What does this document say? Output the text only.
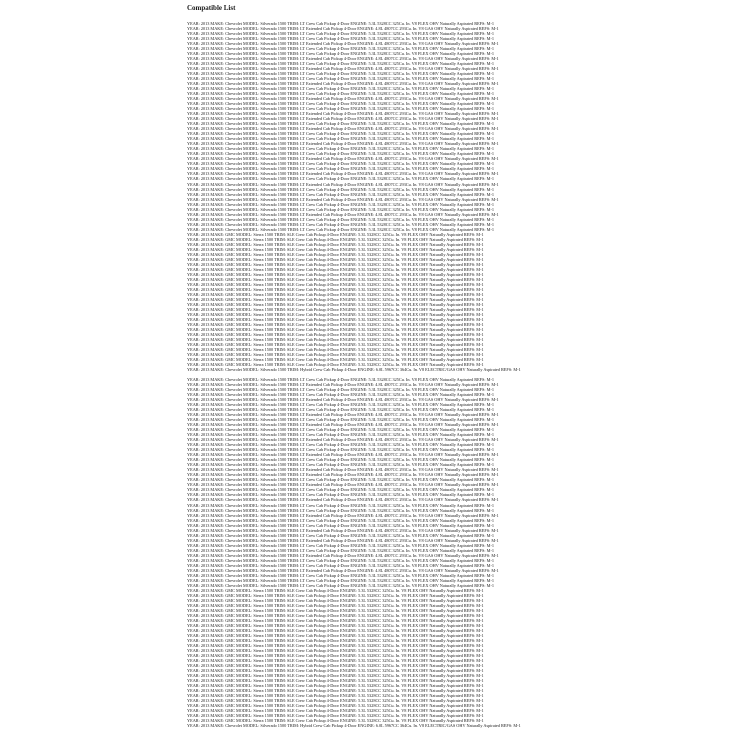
Compatible List
YEAR: 2013 MAKE: Chevrolet MODEL: Silverado 1500 TRIM: LT Crew Cab Pickup 4-Door ENGINE: 5.3L 5328CC 325Cu. In. V8 FLEX OHV Naturally Aspirated REFS: M-1
YEAR: 2013 MAKE: Chevrolet MODEL: Silverado 1500 TRIM: LT Extended Cab Pickup 4-Door ENGINE: 4.8L 4807CC 293Cu. In. V8 GAS OHV Naturally Aspirated REFS: M-1
YEAR: 2013 MAKE: Chevrolet MODEL: Silverado 1500 TRIM: LT Crew Cab Pickup 4-Door ENGINE: 5.3L 5328CC 325Cu. In. V8 FLEX OHV Naturally Aspirated REFS: M-1
YEAR: 2013 MAKE: Chevrolet MODEL: Silverado 1500 TRIM: LT Crew Cab Pickup 4-Door ENGINE: 5.3L 5328CC 325Cu. In. V8 FLEX OHV Naturally Aspirated REFS: M-1
YEAR: 2013 MAKE: Chevrolet MODEL: Silverado 1500 TRIM: LT Extended Cab Pickup 4-Door ENGINE: 4.8L 4807CC 293Cu. In. V8 GAS OHV Naturally Aspirated REFS: M-1
YEAR: 2013 MAKE: Chevrolet MODEL: Silverado 1500 TRIM: LT Crew Cab Pickup 4-Door ENGINE: 5.3L 5328CC 325Cu. In. V8 FLEX OHV Naturally Aspirated REFS: M-1
YEAR: 2013 MAKE: Chevrolet MODEL: Silverado 1500 TRIM: LT Crew Cab Pickup 4-Door ENGINE: 5.3L 5328CC 325Cu. In. V8 FLEX OHV Naturally Aspirated REFS: M-1
YEAR: 2013 MAKE: Chevrolet MODEL: Silverado 1500 TRIM: LT Extended Cab Pickup 4-Door ENGINE: 4.8L 4807CC 293Cu. In. V8 GAS OHV Naturally Aspirated REFS: M-1
YEAR: 2013 MAKE: Chevrolet MODEL: Silverado 1500 TRIM: LT Crew Cab Pickup 4-Door ENGINE: 5.3L 5328CC 325Cu. In. V8 FLEX OHV Naturally Aspirated REFS: M-1
YEAR: 2013 MAKE: Chevrolet MODEL: Silverado 1500 TRIM: LT Extended Cab Pickup 4-Door ENGINE: 4.8L 4807CC 293Cu. In. V8 GAS OHV Naturally Aspirated REFS: M-1
YEAR: 2013 MAKE: Chevrolet MODEL: Silverado 1500 TRIM: LT Crew Cab Pickup 4-Door ENGINE: 5.3L 5328CC 325Cu. In. V8 FLEX OHV Naturally Aspirated REFS: M-1
YEAR: 2013 MAKE: Chevrolet MODEL: Silverado 1500 TRIM: LT Crew Cab Pickup 4-Door ENGINE: 5.3L 5328CC 325Cu. In. V8 FLEX OHV Naturally Aspirated REFS: M-1
YEAR: 2013 MAKE: Chevrolet MODEL: Silverado 1500 TRIM: LT Extended Cab Pickup 4-Door ENGINE: 4.8L 4807CC 293Cu. In. V8 GAS OHV Naturally Aspirated REFS: M-1
YEAR: 2013 MAKE: Chevrolet MODEL: Silverado 1500 TRIM: LT Crew Cab Pickup 4-Door ENGINE: 5.3L 5328CC 325Cu. In. V8 FLEX OHV Naturally Aspirated REFS: M-1
YEAR: 2013 MAKE: Chevrolet MODEL: Silverado 1500 TRIM: LT Crew Cab Pickup 4-Door ENGINE: 5.3L 5328CC 325Cu. In. V8 FLEX OHV Naturally Aspirated REFS: M-1
YEAR: 2013 MAKE: Chevrolet MODEL: Silverado 1500 TRIM: LT Extended Cab Pickup 4-Door ENGINE: 4.8L 4807CC 293Cu. In. V8 GAS OHV Naturally Aspirated REFS: M-1
YEAR: 2013 MAKE: Chevrolet MODEL: Silverado 1500 TRIM: LT Crew Cab Pickup 4-Door ENGINE: 5.3L 5328CC 325Cu. In. V8 FLEX OHV Naturally Aspirated REFS: M-1
YEAR: 2013 MAKE: Chevrolet MODEL: Silverado 1500 TRIM: LT Crew Cab Pickup 4-Door ENGINE: 5.3L 5328CC 325Cu. In. V8 FLEX OHV Naturally Aspirated REFS: M-1
YEAR: 2013 MAKE: Chevrolet MODEL: Silverado 1500 TRIM: LT Extended Cab Pickup 4-Door ENGINE: 4.8L 4807CC 293Cu. In. V8 GAS OHV Naturally Aspirated REFS: M-1
YEAR: 2013 MAKE: Chevrolet MODEL: Silverado 1500 TRIM: LT Extended Cab Pickup 4-Door ENGINE: 4.8L 4807CC 293Cu. In. V8 GAS OHV Naturally Aspirated REFS: M-1
YEAR: 2013 MAKE: Chevrolet MODEL: Silverado 1500 TRIM: LT Crew Cab Pickup 4-Door ENGINE: 5.3L 5328CC 325Cu. In. V8 FLEX OHV Naturally Aspirated REFS: M-1
YEAR: 2013 MAKE: Chevrolet MODEL: Silverado 1500 TRIM: LT Extended Cab Pickup 4-Door ENGINE: 4.8L 4807CC 293Cu. In. V8 GAS OHV Naturally Aspirated REFS: M-1
YEAR: 2013 MAKE: Chevrolet MODEL: Silverado 1500 TRIM: LT Crew Cab Pickup 4-Door ENGINE: 5.3L 5328CC 325Cu. In. V8 FLEX OHV Naturally Aspirated REFS: M-1
YEAR: 2013 MAKE: Chevrolet MODEL: Silverado 1500 TRIM: LT Crew Cab Pickup 4-Door ENGINE: 5.3L 5328CC 325Cu. In. V8 FLEX OHV Naturally Aspirated REFS: M-1
YEAR: 2013 MAKE: Chevrolet MODEL: Silverado 1500 TRIM: LT Extended Cab Pickup 4-Door ENGINE: 4.8L 4807CC 293Cu. In. V8 GAS OHV Naturally Aspirated REFS: M-1
YEAR: 2013 MAKE: Chevrolet MODEL: Silverado 1500 TRIM: LT Crew Cab Pickup 4-Door ENGINE: 5.3L 5328CC 325Cu. In. V8 FLEX OHV Naturally Aspirated REFS: M-1
YEAR: 2013 MAKE: Chevrolet MODEL: Silverado 1500 TRIM: LT Crew Cab Pickup 4-Door ENGINE: 5.3L 5328CC 325Cu. In. V8 FLEX OHV Naturally Aspirated REFS: M-1
YEAR: 2013 MAKE: Chevrolet MODEL: Silverado 1500 TRIM: LT Extended Cab Pickup 4-Door ENGINE: 4.8L 4807CC 293Cu. In. V8 GAS OHV Naturally Aspirated REFS: M-1
YEAR: 2013 MAKE: Chevrolet MODEL: Silverado 1500 TRIM: LT Crew Cab Pickup 4-Door ENGINE: 5.3L 5328CC 325Cu. In. V8 FLEX OHV Naturally Aspirated REFS: M-1
YEAR: 2013 MAKE: Chevrolet MODEL: Silverado 1500 TRIM: LT Crew Cab Pickup 4-Door ENGINE: 5.3L 5328CC 325Cu. In. V8 FLEX OHV Naturally Aspirated REFS: M-1
YEAR: 2013 MAKE: Chevrolet MODEL: Silverado 1500 TRIM: LT Extended Cab Pickup 4-Door ENGINE: 4.8L 4807CC 293Cu. In. V8 GAS OHV Naturally Aspirated REFS: M-1
YEAR: 2013 MAKE: Chevrolet MODEL: Silverado 1500 TRIM: LT Crew Cab Pickup 4-Door ENGINE: 5.3L 5328CC 325Cu. In. V8 FLEX OHV Naturally Aspirated REFS: M-1
YEAR: 2013 MAKE: Chevrolet MODEL: Silverado 1500 TRIM: LT Extended Cab Pickup 4-Door ENGINE: 4.8L 4807CC 293Cu. In. V8 GAS OHV Naturally Aspirated REFS: M-1
YEAR: 2013 MAKE: Chevrolet MODEL: Silverado 1500 TRIM: LT Crew Cab Pickup 4-Door ENGINE: 5.3L 5328CC 325Cu. In. V8 FLEX OHV Naturally Aspirated REFS: M-1
YEAR: 2013 MAKE: Chevrolet MODEL: Silverado 1500 TRIM: LT Crew Cab Pickup 4-Door ENGINE: 5.3L 5328CC 325Cu. In. V8 FLEX OHV Naturally Aspirated REFS: M-1
YEAR: 2013 MAKE: Chevrolet MODEL: Silverado 1500 TRIM: LT Extended Cab Pickup 4-Door ENGINE: 4.8L 4807CC 293Cu. In. V8 GAS OHV Naturally Aspirated REFS: M-1
YEAR: 2013 MAKE: Chevrolet MODEL: Silverado 1500 TRIM: LT Crew Cab Pickup 4-Door ENGINE: 5.3L 5328CC 325Cu. In. V8 FLEX OHV Naturally Aspirated REFS: M-1
YEAR: 2013 MAKE: Chevrolet MODEL: Silverado 1500 TRIM: LT Crew Cab Pickup 4-Door ENGINE: 5.3L 5328CC 325Cu. In. V8 FLEX OHV Naturally Aspirated REFS: M-1
YEAR: 2013 MAKE: Chevrolet MODEL: Silverado 1500 TRIM: LT Extended Cab Pickup 4-Door ENGINE: 4.8L 4807CC 293Cu. In. V8 GAS OHV Naturally Aspirated REFS: M-1
YEAR: 2013 MAKE: Chevrolet MODEL: Silverado 1500 TRIM: LT Crew Cab Pickup 4-Door ENGINE: 5.3L 5328CC 325Cu. In. V8 FLEX OHV Naturally Aspirated REFS: M-1
YEAR: 2013 MAKE: Chevrolet MODEL: Silverado 1500 TRIM: LT Crew Cab Pickup 4-Door ENGINE: 5.3L 5328CC 325Cu. In. V8 FLEX OHV Naturally Aspirated REFS: M-1
YEAR: 2013 MAKE: Chevrolet MODEL: Silverado 1500 TRIM: LT Crew Cab Pickup 4-Door ENGINE: 5.3L 5328CC 325Cu. In. V8 FLEX OHV Naturally Aspirated REFS: M-1
YEAR: 2013 MAKE: GMC MODEL: Sierra 1500 TRIM: SLE Crew Cab Pickup 4-Door ENGINE: 5.3L 5328CC 325Cu. In. V8 FLEX OHV Naturally Aspirated REFS: M-1
YEAR: 2013 MAKE: GMC MODEL: Sierra 1500 TRIM: SLE Crew Cab Pickup 4-Door ENGINE: 5.3L 5328CC 325Cu. In. V8 FLEX OHV Naturally Aspirated REFS: M-1
YEAR: 2013 MAKE: GMC MODEL: Sierra 1500 TRIM: SLE Crew Cab Pickup 4-Door ENGINE: 5.3L 5328CC 325Cu. In. V8 FLEX OHV Naturally Aspirated REFS: M-1
YEAR: 2013 MAKE: GMC MODEL: Sierra 1500 TRIM: SLE Crew Cab Pickup 4-Door ENGINE: 5.3L 5328CC 325Cu. In. V8 FLEX OHV Naturally Aspirated REFS: M-1
YEAR: 2013 MAKE: GMC MODEL: Sierra 1500 TRIM: SLE Crew Cab Pickup 4-Door ENGINE: 5.3L 5328CC 325Cu. In. V8 FLEX OHV Naturally Aspirated REFS: M-1
YEAR: 2013 MAKE: GMC MODEL: Sierra 1500 TRIM: SLE Crew Cab Pickup 4-Door ENGINE: 5.3L 5328CC 325Cu. In. V8 FLEX OHV Naturally Aspirated REFS: M-1
YEAR: 2013 MAKE: GMC MODEL: Sierra 1500 TRIM: SLE Crew Cab Pickup 4-Door ENGINE: 5.3L 5328CC 325Cu. In. V8 FLEX OHV Naturally Aspirated REFS: M-1
YEAR: 2013 MAKE: GMC MODEL: Sierra 1500 TRIM: SLE Crew Cab Pickup 4-Door ENGINE: 5.3L 5328CC 325Cu. In. V8 FLEX OHV Naturally Aspirated REFS: M-1
YEAR: 2013 MAKE: GMC MODEL: Sierra 1500 TRIM: SLE Crew Cab Pickup 4-Door ENGINE: 5.3L 5328CC 325Cu. In. V8 FLEX OHV Naturally Aspirated REFS: M-1
YEAR: 2013 MAKE: GMC MODEL: Sierra 1500 TRIM: SLE Crew Cab Pickup 4-Door ENGINE: 5.3L 5328CC 325Cu. In. V8 FLEX OHV Naturally Aspirated REFS: M-1
YEAR: 2013 MAKE: GMC MODEL: Sierra 1500 TRIM: SLE Crew Cab Pickup 4-Door ENGINE: 5.3L 5328CC 325Cu. In. V8 FLEX OHV Naturally Aspirated REFS: M-1
YEAR: 2013 MAKE: GMC MODEL: Sierra 1500 TRIM: SLE Crew Cab Pickup 4-Door ENGINE: 5.3L 5328CC 325Cu. In. V8 FLEX OHV Naturally Aspirated REFS: M-1
YEAR: 2013 MAKE: GMC MODEL: Sierra 1500 TRIM: SLE Crew Cab Pickup 4-Door ENGINE: 5.3L 5328CC 325Cu. In. V8 FLEX OHV Naturally Aspirated REFS: M-1
YEAR: 2013 MAKE: GMC MODEL: Sierra 1500 TRIM: SLE Crew Cab Pickup 4-Door ENGINE: 5.3L 5328CC 325Cu. In. V8 FLEX OHV Naturally Aspirated REFS: M-1
YEAR: 2013 MAKE: GMC MODEL: Sierra 1500 TRIM: SLE Crew Cab Pickup 4-Door ENGINE: 5.3L 5328CC 325Cu. In. V8 FLEX OHV Naturally Aspirated REFS: M-1
YEAR: 2013 MAKE: GMC MODEL: Sierra 1500 TRIM: SLE Crew Cab Pickup 4-Door ENGINE: 5.3L 5328CC 325Cu. In. V8 FLEX OHV Naturally Aspirated REFS: M-1
YEAR: 2013 MAKE: GMC MODEL: Sierra 1500 TRIM: SLE Crew Cab Pickup 4-Door ENGINE: 5.3L 5328CC 325Cu. In. V8 FLEX OHV Naturally Aspirated REFS: M-1
YEAR: 2013 MAKE: GMC MODEL: Sierra 1500 TRIM: SLE Crew Cab Pickup 4-Door ENGINE: 5.3L 5328CC 325Cu. In. V8 FLEX OHV Naturally Aspirated REFS: M-1
YEAR: 2013 MAKE: GMC MODEL: Sierra 1500 TRIM: SLE Crew Cab Pickup 4-Door ENGINE: 5.3L 5328CC 325Cu. In. V8 FLEX OHV Naturally Aspirated REFS: M-1
YEAR: 2013 MAKE: GMC MODEL: Sierra 1500 TRIM: SLE Crew Cab Pickup 4-Door ENGINE: 5.3L 5328CC 325Cu. In. V8 FLEX OHV Naturally Aspirated REFS: M-1
YEAR: 2013 MAKE: GMC MODEL: Sierra 1500 TRIM: SLE Crew Cab Pickup 4-Door ENGINE: 5.3L 5328CC 325Cu. In. V8 FLEX OHV Naturally Aspirated REFS: M-1
YEAR: 2013 MAKE: GMC MODEL: Sierra 1500 TRIM: SLE Crew Cab Pickup 4-Door ENGINE: 5.3L 5328CC 325Cu. In. V8 FLEX OHV Naturally Aspirated REFS: M-1
YEAR: 2013 MAKE: GMC MODEL: Sierra 1500 TRIM: SLE Crew Cab Pickup 4-Door ENGINE: 5.3L 5328CC 325Cu. In. V8 FLEX OHV Naturally Aspirated REFS: M-1
YEAR: 2013 MAKE: GMC MODEL: Sierra 1500 TRIM: SLE Crew Cab Pickup 4-Door ENGINE: 5.3L 5328CC 325Cu. In. V8 FLEX OHV Naturally Aspirated REFS: M-1
YEAR: 2013 MAKE: GMC MODEL: Sierra 1500 TRIM: SLE Crew Cab Pickup 4-Door ENGINE: 5.3L 5328CC 325Cu. In. V8 FLEX OHV Naturally Aspirated REFS: M-1
YEAR: 2013 MAKE: GMC MODEL: Sierra 1500 TRIM: SLE Crew Cab Pickup 4-Door ENGINE: 5.3L 5328CC 325Cu. In. V8 FLEX OHV Naturally Aspirated REFS: M-1
YEAR: 2013 MAKE: GMC MODEL: Sierra 1500 TRIM: SLE Crew Cab Pickup 4-Door ENGINE: 5.3L 5328CC 325Cu. In. V8 FLEX OHV Naturally Aspirated REFS: M-1
YEAR: 2013 MAKE: Chevrolet MODEL: Silverado 1500 TRIM: Hybrid Crew Cab Pickup 4-Door ENGINE: 6.0L 5967CC 364Cu. In. V8 ELECTRIC/GAS OHV Naturally Aspirated REFS: M-1
YEAR: 2013 MAKE: Chevrolet MODEL: Silverado 1500 TRIM: LT Crew Cab Pickup 4-Door ENGINE: 5.3L 5328CC 325Cu. In. V8 FLEX OHV Naturally Aspirated REFS: M-1
YEAR: 2013 MAKE: Chevrolet MODEL: Silverado 1500 TRIM: LT Extended Cab Pickup 4-Door ENGINE: 4.8L 4807CC 293Cu. In. V8 GAS OHV Naturally Aspirated REFS: M-1
YEAR: 2013 MAKE: Chevrolet MODEL: Silverado 1500 TRIM: LT Crew Cab Pickup 4-Door ENGINE: 5.3L 5328CC 325Cu. In. V8 FLEX OHV Naturally Aspirated REFS: M-1
YEAR: 2013 MAKE: Chevrolet MODEL: Silverado 1500 TRIM: LT Crew Cab Pickup 4-Door ENGINE: 5.3L 5328CC 325Cu. In. V8 FLEX OHV Naturally Aspirated REFS: M-1
YEAR: 2013 MAKE: Chevrolet MODEL: Silverado 1500 TRIM: LT Extended Cab Pickup 4-Door ENGINE: 4.8L 4807CC 293Cu. In. V8 GAS OHV Naturally Aspirated REFS: M-1
YEAR: 2013 MAKE: Chevrolet MODEL: Silverado 1500 TRIM: LT Crew Cab Pickup 4-Door ENGINE: 5.3L 5328CC 325Cu. In. V8 FLEX OHV Naturally Aspirated REFS: M-1
YEAR: 2013 MAKE: Chevrolet MODEL: Silverado 1500 TRIM: LT Crew Cab Pickup 4-Door ENGINE: 5.3L 5328CC 325Cu. In. V8 FLEX OHV Naturally Aspirated REFS: M-1
YEAR: 2013 MAKE: Chevrolet MODEL: Silverado 1500 TRIM: LT Extended Cab Pickup 4-Door ENGINE: 4.8L 4807CC 293Cu. In. V8 GAS OHV Naturally Aspirated REFS: M-1
YEAR: 2013 MAKE: Chevrolet MODEL: Silverado 1500 TRIM: LT Crew Cab Pickup 4-Door ENGINE: 5.3L 5328CC 325Cu. In. V8 FLEX OHV Naturally Aspirated REFS: M-1
YEAR: 2013 MAKE: Chevrolet MODEL: Silverado 1500 TRIM: LT Extended Cab Pickup 4-Door ENGINE: 4.8L 4807CC 293Cu. In. V8 GAS OHV Naturally Aspirated REFS: M-1
YEAR: 2013 MAKE: Chevrolet MODEL: Silverado 1500 TRIM: LT Crew Cab Pickup 4-Door ENGINE: 5.3L 5328CC 325Cu. In. V8 FLEX OHV Naturally Aspirated REFS: M-1
YEAR: 2013 MAKE: Chevrolet MODEL: Silverado 1500 TRIM: LT Crew Cab Pickup 4-Door ENGINE: 5.3L 5328CC 325Cu. In. V8 FLEX OHV Naturally Aspirated REFS: M-1
YEAR: 2013 MAKE: Chevrolet MODEL: Silverado 1500 TRIM: LT Extended Cab Pickup 4-Door ENGINE: 4.8L 4807CC 293Cu. In. V8 GAS OHV Naturally Aspirated REFS: M-1
YEAR: 2013 MAKE: Chevrolet MODEL: Silverado 1500 TRIM: LT Crew Cab Pickup 4-Door ENGINE: 5.3L 5328CC 325Cu. In. V8 FLEX OHV Naturally Aspirated REFS: M-1
YEAR: 2013 MAKE: Chevrolet MODEL: Silverado 1500 TRIM: LT Crew Cab Pickup 4-Door ENGINE: 5.3L 5328CC 325Cu. In. V8 FLEX OHV Naturally Aspirated REFS: M-1
YEAR: 2013 MAKE: Chevrolet MODEL: Silverado 1500 TRIM: LT Extended Cab Pickup 4-Door ENGINE: 4.8L 4807CC 293Cu. In. V8 GAS OHV Naturally Aspirated REFS: M-1
YEAR: 2013 MAKE: Chevrolet MODEL: Silverado 1500 TRIM: LT Crew Cab Pickup 4-Door ENGINE: 5.3L 5328CC 325Cu. In. V8 FLEX OHV Naturally Aspirated REFS: M-1
YEAR: 2013 MAKE: Chevrolet MODEL: Silverado 1500 TRIM: LT Crew Cab Pickup 4-Door ENGINE: 5.3L 5328CC 325Cu. In. V8 FLEX OHV Naturally Aspirated REFS: M-1
YEAR: 2013 MAKE: Chevrolet MODEL: Silverado 1500 TRIM: LT Extended Cab Pickup 4-Door ENGINE: 4.8L 4807CC 293Cu. In. V8 GAS OHV Naturally Aspirated REFS: M-1
YEAR: 2013 MAKE: Chevrolet MODEL: Silverado 1500 TRIM: LT Extended Cab Pickup 4-Door ENGINE: 4.8L 4807CC 293Cu. In. V8 GAS OHV Naturally Aspirated REFS: M-1
YEAR: 2013 MAKE: Chevrolet MODEL: Silverado 1500 TRIM: LT Crew Cab Pickup 4-Door ENGINE: 5.3L 5328CC 325Cu. In. V8 FLEX OHV Naturally Aspirated REFS: M-1
YEAR: 2013 MAKE: Chevrolet MODEL: Silverado 1500 TRIM: LT Extended Cab Pickup 4-Door ENGINE: 4.8L 4807CC 293Cu. In. V8 GAS OHV Naturally Aspirated REFS: M-1
YEAR: 2013 MAKE: Chevrolet MODEL: Silverado 1500 TRIM: LT Crew Cab Pickup 4-Door ENGINE: 5.3L 5328CC 325Cu. In. V8 FLEX OHV Naturally Aspirated REFS: M-1
YEAR: 2013 MAKE: Chevrolet MODEL: Silverado 1500 TRIM: LT Crew Cab Pickup 4-Door ENGINE: 5.3L 5328CC 325Cu. In. V8 FLEX OHV Naturally Aspirated REFS: M-1
YEAR: 2013 MAKE: Chevrolet MODEL: Silverado 1500 TRIM: LT Extended Cab Pickup 4-Door ENGINE: 4.8L 4807CC 293Cu. In. V8 GAS OHV Naturally Aspirated REFS: M-1
YEAR: 2013 MAKE: Chevrolet MODEL: Silverado 1500 TRIM: LT Crew Cab Pickup 4-Door ENGINE: 5.3L 5328CC 325Cu. In. V8 FLEX OHV Naturally Aspirated REFS: M-1
YEAR: 2013 MAKE: Chevrolet MODEL: Silverado 1500 TRIM: LT Crew Cab Pickup 4-Door ENGINE: 5.3L 5328CC 325Cu. In. V8 FLEX OHV Naturally Aspirated REFS: M-1
YEAR: 2013 MAKE: Chevrolet MODEL: Silverado 1500 TRIM: LT Extended Cab Pickup 4-Door ENGINE: 4.8L 4807CC 293Cu. In. V8 GAS OHV Naturally Aspirated REFS: M-1
YEAR: 2013 MAKE: Chevrolet MODEL: Silverado 1500 TRIM: LT Crew Cab Pickup 4-Door ENGINE: 5.3L 5328CC 325Cu. In. V8 FLEX OHV Naturally Aspirated REFS: M-1
YEAR: 2013 MAKE: Chevrolet MODEL: Silverado 1500 TRIM: LT Crew Cab Pickup 4-Door ENGINE: 5.3L 5328CC 325Cu. In. V8 FLEX OHV Naturally Aspirated REFS: M-1
YEAR: 2013 MAKE: Chevrolet MODEL: Silverado 1500 TRIM: LT Extended Cab Pickup 4-Door ENGINE: 4.8L 4807CC 293Cu. In. V8 GAS OHV Naturally Aspirated REFS: M-1
YEAR: 2013 MAKE: Chevrolet MODEL: Silverado 1500 TRIM: LT Crew Cab Pickup 4-Door ENGINE: 5.3L 5328CC 325Cu. In. V8 FLEX OHV Naturally Aspirated REFS: M-1
YEAR: 2013 MAKE: Chevrolet MODEL: Silverado 1500 TRIM: LT Extended Cab Pickup 4-Door ENGINE: 4.8L 4807CC 293Cu. In. V8 GAS OHV Naturally Aspirated REFS: M-1
YEAR: 2013 MAKE: Chevrolet MODEL: Silverado 1500 TRIM: LT Crew Cab Pickup 4-Door ENGINE: 5.3L 5328CC 325Cu. In. V8 FLEX OHV Naturally Aspirated REFS: M-1
YEAR: 2013 MAKE: Chevrolet MODEL: Silverado 1500 TRIM: LT Crew Cab Pickup 4-Door ENGINE: 5.3L 5328CC 325Cu. In. V8 FLEX OHV Naturally Aspirated REFS: M-1
YEAR: 2013 MAKE: Chevrolet MODEL: Silverado 1500 TRIM: LT Extended Cab Pickup 4-Door ENGINE: 4.8L 4807CC 293Cu. In. V8 GAS OHV Naturally Aspirated REFS: M-1
YEAR: 2013 MAKE: Chevrolet MODEL: Silverado 1500 TRIM: LT Crew Cab Pickup 4-Door ENGINE: 5.3L 5328CC 325Cu. In. V8 FLEX OHV Naturally Aspirated REFS: M-1
YEAR: 2013 MAKE: Chevrolet MODEL: Silverado 1500 TRIM: LT Crew Cab Pickup 4-Door ENGINE: 5.3L 5328CC 325Cu. In. V8 FLEX OHV Naturally Aspirated REFS: M-1
YEAR: 2013 MAKE: Chevrolet MODEL: Silverado 1500 TRIM: LT Extended Cab Pickup 4-Door ENGINE: 4.8L 4807CC 293Cu. In. V8 GAS OHV Naturally Aspirated REFS: M-1
YEAR: 2013 MAKE: Chevrolet MODEL: Silverado 1500 TRIM: LT Crew Cab Pickup 4-Door ENGINE: 5.3L 5328CC 325Cu. In. V8 FLEX OHV Naturally Aspirated REFS: M-1
YEAR: 2013 MAKE: Chevrolet MODEL: Silverado 1500 TRIM: LT Crew Cab Pickup 4-Door ENGINE: 5.3L 5328CC 325Cu. In. V8 FLEX OHV Naturally Aspirated REFS: M-1
YEAR: 2013 MAKE: Chevrolet MODEL: Silverado 1500 TRIM: LT Crew Cab Pickup 4-Door ENGINE: 5.3L 5328CC 325Cu. In. V8 FLEX OHV Naturally Aspirated REFS: M-1
YEAR: 2013 MAKE: GMC MODEL: Sierra 1500 TRIM: SLE Crew Cab Pickup 4-Door ENGINE: 5.3L 5328CC 325Cu. In. V8 FLEX OHV Naturally Aspirated REFS: M-1
YEAR: 2013 MAKE: GMC MODEL: Sierra 1500 TRIM: SLE Crew Cab Pickup 4-Door ENGINE: 5.3L 5328CC 325Cu. In. V8 FLEX OHV Naturally Aspirated REFS: M-1
YEAR: 2013 MAKE: GMC MODEL: Sierra 1500 TRIM: SLE Crew Cab Pickup 4-Door ENGINE: 5.3L 5328CC 325Cu. In. V8 FLEX OHV Naturally Aspirated REFS: M-1
YEAR: 2013 MAKE: GMC MODEL: Sierra 1500 TRIM: SLE Crew Cab Pickup 4-Door ENGINE: 5.3L 5328CC 325Cu. In. V8 FLEX OHV Naturally Aspirated REFS: M-1
YEAR: 2013 MAKE: GMC MODEL: Sierra 1500 TRIM: SLE Crew Cab Pickup 4-Door ENGINE: 5.3L 5328CC 325Cu. In. V8 FLEX OHV Naturally Aspirated REFS: M-1
YEAR: 2013 MAKE: GMC MODEL: Sierra 1500 TRIM: SLE Crew Cab Pickup 4-Door ENGINE: 5.3L 5328CC 325Cu. In. V8 FLEX OHV Naturally Aspirated REFS: M-1
YEAR: 2013 MAKE: GMC MODEL: Sierra 1500 TRIM: SLE Crew Cab Pickup 4-Door ENGINE: 5.3L 5328CC 325Cu. In. V8 FLEX OHV Naturally Aspirated REFS: M-1
YEAR: 2013 MAKE: GMC MODEL: Sierra 1500 TRIM: SLE Crew Cab Pickup 4-Door ENGINE: 5.3L 5328CC 325Cu. In. V8 FLEX OHV Naturally Aspirated REFS: M-1
YEAR: 2013 MAKE: GMC MODEL: Sierra 1500 TRIM: SLE Crew Cab Pickup 4-Door ENGINE: 5.3L 5328CC 325Cu. In. V8 FLEX OHV Naturally Aspirated REFS: M-1
YEAR: 2013 MAKE: GMC MODEL: Sierra 1500 TRIM: SLE Crew Cab Pickup 4-Door ENGINE: 5.3L 5328CC 325Cu. In. V8 FLEX OHV Naturally Aspirated REFS: M-1
YEAR: 2013 MAKE: GMC MODEL: Sierra 1500 TRIM: SLE Crew Cab Pickup 4-Door ENGINE: 5.3L 5328CC 325Cu. In. V8 FLEX OHV Naturally Aspirated REFS: M-1
YEAR: 2013 MAKE: GMC MODEL: Sierra 1500 TRIM: SLE Crew Cab Pickup 4-Door ENGINE: 5.3L 5328CC 325Cu. In. V8 FLEX OHV Naturally Aspirated REFS: M-1
YEAR: 2013 MAKE: GMC MODEL: Sierra 1500 TRIM: SLE Crew Cab Pickup 4-Door ENGINE: 5.3L 5328CC 325Cu. In. V8 FLEX OHV Naturally Aspirated REFS: M-1
YEAR: 2013 MAKE: GMC MODEL: Sierra 1500 TRIM: SLE Crew Cab Pickup 4-Door ENGINE: 5.3L 5328CC 325Cu. In. V8 FLEX OHV Naturally Aspirated REFS: M-1
YEAR: 2013 MAKE: GMC MODEL: Sierra 1500 TRIM: SLE Crew Cab Pickup 4-Door ENGINE: 5.3L 5328CC 325Cu. In. V8 FLEX OHV Naturally Aspirated REFS: M-1
YEAR: 2013 MAKE: GMC MODEL: Sierra 1500 TRIM: SLE Crew Cab Pickup 4-Door ENGINE: 5.3L 5328CC 325Cu. In. V8 FLEX OHV Naturally Aspirated REFS: M-1
YEAR: 2013 MAKE: GMC MODEL: Sierra 1500 TRIM: SLE Crew Cab Pickup 4-Door ENGINE: 5.3L 5328CC 325Cu. In. V8 FLEX OHV Naturally Aspirated REFS: M-1
YEAR: 2013 MAKE: GMC MODEL: Sierra 1500 TRIM: SLE Crew Cab Pickup 4-Door ENGINE: 5.3L 5328CC 325Cu. In. V8 FLEX OHV Naturally Aspirated REFS: M-1
YEAR: 2013 MAKE: GMC MODEL: Sierra 1500 TRIM: SLE Crew Cab Pickup 4-Door ENGINE: 5.3L 5328CC 325Cu. In. V8 FLEX OHV Naturally Aspirated REFS: M-1
YEAR: 2013 MAKE: GMC MODEL: Sierra 1500 TRIM: SLE Crew Cab Pickup 4-Door ENGINE: 5.3L 5328CC 325Cu. In. V8 FLEX OHV Naturally Aspirated REFS: M-1
YEAR: 2013 MAKE: GMC MODEL: Sierra 1500 TRIM: SLE Crew Cab Pickup 4-Door ENGINE: 5.3L 5328CC 325Cu. In. V8 FLEX OHV Naturally Aspirated REFS: M-1
YEAR: 2013 MAKE: GMC MODEL: Sierra 1500 TRIM: SLE Crew Cab Pickup 4-Door ENGINE: 5.3L 5328CC 325Cu. In. V8 FLEX OHV Naturally Aspirated REFS: M-1
YEAR: 2013 MAKE: GMC MODEL: Sierra 1500 TRIM: SLE Crew Cab Pickup 4-Door ENGINE: 5.3L 5328CC 325Cu. In. V8 FLEX OHV Naturally Aspirated REFS: M-1
YEAR: 2013 MAKE: GMC MODEL: Sierra 1500 TRIM: SLE Crew Cab Pickup 4-Door ENGINE: 5.3L 5328CC 325Cu. In. V8 FLEX OHV Naturally Aspirated REFS: M-1
YEAR: 2013 MAKE: GMC MODEL: Sierra 1500 TRIM: SLE Crew Cab Pickup 4-Door ENGINE: 5.3L 5328CC 325Cu. In. V8 FLEX OHV Naturally Aspirated REFS: M-1
YEAR: 2013 MAKE: GMC MODEL: Sierra 1500 TRIM: SLE Crew Cab Pickup 4-Door ENGINE: 5.3L 5328CC 325Cu. In. V8 FLEX OHV Naturally Aspirated REFS: M-1
YEAR: 2013 MAKE: GMC MODEL: Sierra 1500 TRIM: SLE Crew Cab Pickup 4-Door ENGINE: 5.3L 5328CC 325Cu. In. V8 FLEX OHV Naturally Aspirated REFS: M-1
YEAR: 2013 MAKE: Chevrolet MODEL: Silverado 1500 TRIM: Hybrid Crew Cab Pickup 4-Door ENGINE: 6.0L 5967CC 364Cu. In. V8 ELECTRIC/GAS OHV Naturally Aspirated REFS: M-1
